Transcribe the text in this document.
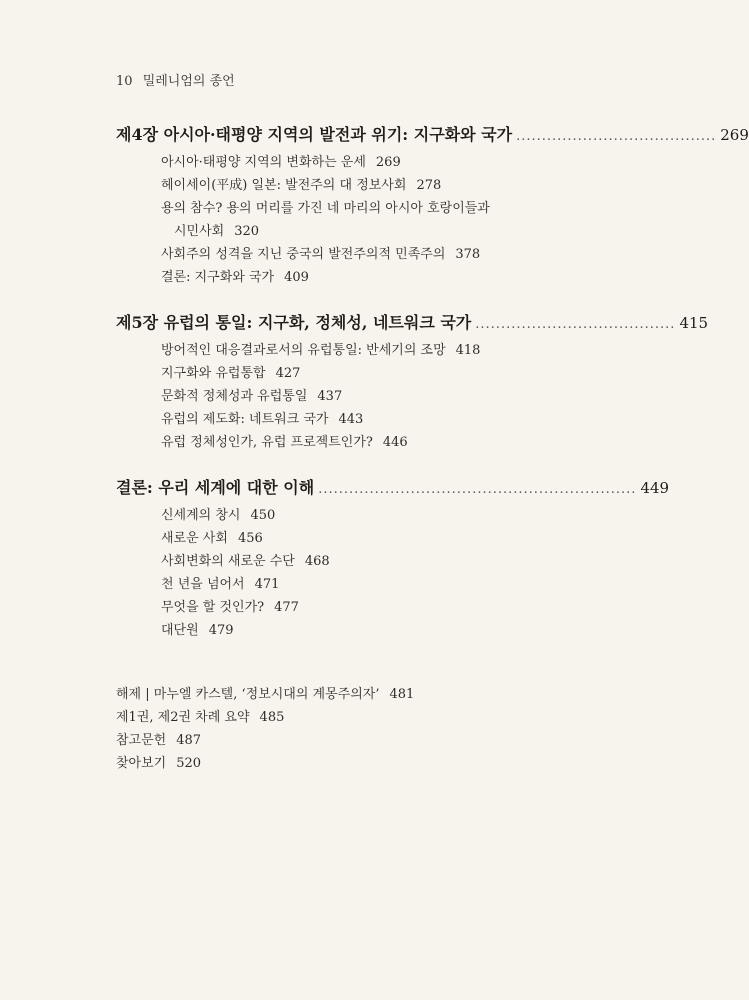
10 밀레니엄의 종언
제4장 아시아·태평양 지역의 발전과 위기: 지구화와 국가 ....................................... 269
아시아·태평양 지역의 변화하는 운세 269
헤이세이(平成) 일본: 발전주의 대 정보사회 278
용의 참수? 용의 머리를 가진 네 마리의 아시아 호랑이들과
시민사회 320
사회주의 성격을 지닌 중국의 발전주의적 민족주의 378
결론: 지구화와 국가 409
제5장 유럽의 통일: 지구화, 정체성, 네트워크 국가 ....................................... 415
방어적인 대응결과로서의 유럽통일: 반세기의 조망 418
지구화와 유럽통합 427
문화적 정체성과 유럽통일 437
유럽의 제도화: 네트워크 국가 443
유럽 정체성인가, 유럽 프로젝트인가? 446
결론: 우리 세계에 대한 이해 .............................................................. 449
신세계의 창시 450
새로운 사회 456
사회변화의 새로운 수단 468
천 년을 넘어서 471
무엇을 할 것인가? 477
대단원 479
해제 | 마누엘 카스텔, ‘정보시대의 계몽주의자’ 481
제1권, 제2권 차례 요약 485
참고문헌 487
찾아보기 520
